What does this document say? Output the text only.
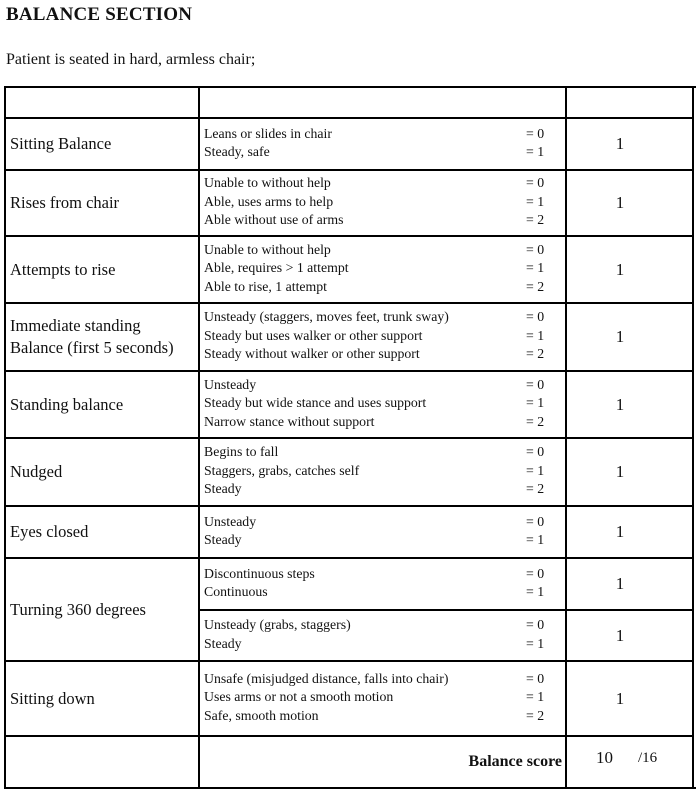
BALANCE SECTION
Patient is seated in hard, armless chair;
Sitting Balance
Leans or slides in chair	= 0
Steady, safe	= 1	1
Rises from chair
Unable to without help	= 0
Able, uses arms to help	= 1
Able without use of arms	= 2
1
Attempts to rise
Unable to without help	= 0
Able, requires > 1 attempt	= 1
Able to rise, 1 attempt	= 2
1
Immediate standing Balance (first 5 seconds)
Unsteady (staggers, moves feet, trunk sway)	= 0
Steady but uses walker or other support	= 1
Steady without walker or other support	= 2
1
Standing balance
Unsteady	= 0
Steady but wide stance and uses support	= 1
Narrow stance without support	= 2
1
Nudged
Begins to fall	= 0
Staggers, grabs, catches self	= 1
Steady	= 2
1
Eyes closed
Unsteady	= 0
Steady	= 1	1
Turning 360 degrees
Discontinuous steps	= 0
Continuous	= 1	1
Unsteady (grabs, staggers)	= 0
Steady	= 1	1
Sitting down
Unsafe (misjudged distance, falls into chair)	= 0
Uses arms or not a smooth motion	= 1
Safe, smooth motion	= 2
1
Balance score 10 /16
